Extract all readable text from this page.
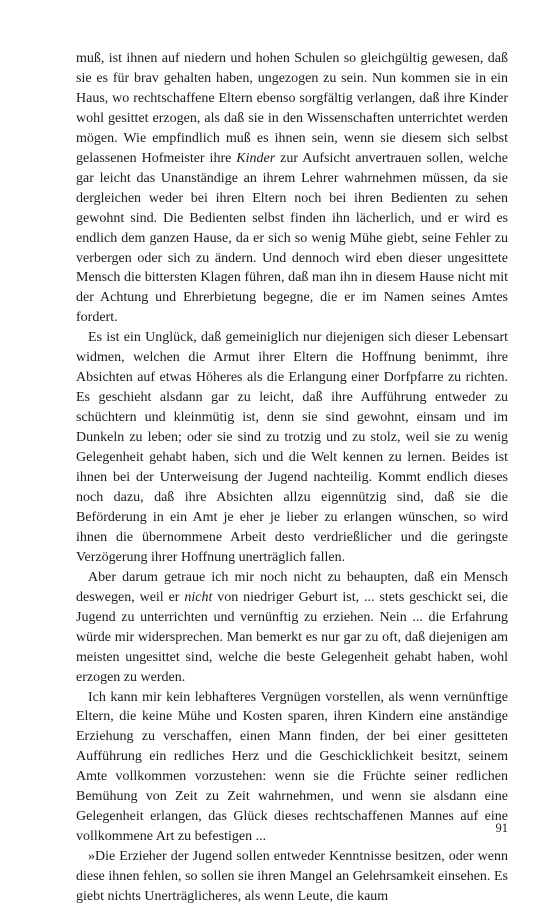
muß, ist ihnen auf niedern und hohen Schulen so gleichgültig gewesen, daß sie es für brav gehalten haben, ungezogen zu sein. Nun kommen sie in ein Haus, wo rechtschaffene Eltern ebenso sorgfältig verlangen, daß ihre Kinder wohl gesittet erzogen, als daß sie in den Wissenschaften unterrichtet werden mögen. Wie empfindlich muß es ihnen sein, wenn sie diesem sich selbst gelassenen Hofmeister ihre Kinder zur Aufsicht anvertrauen sollen, welche gar leicht das Unanständige an ihrem Lehrer wahrnehmen müssen, da sie dergleichen weder bei ihren Eltern noch bei ihren Bedienten zu sehen gewohnt sind. Die Bedienten selbst finden ihn lächerlich, und er wird es endlich dem ganzen Hause, da er sich so wenig Mühe giebt, seine Fehler zu verbergen oder sich zu ändern. Und dennoch wird eben dieser ungesittete Mensch die bittersten Klagen führen, daß man ihn in diesem Hause nicht mit der Achtung und Ehrerbietung begegne, die er im Namen seines Amtes fordert.

Es ist ein Unglück, daß gemeiniglich nur diejenigen sich dieser Lebensart widmen, welchen die Armut ihrer Eltern die Hoffnung benimmt, ihre Absichten auf etwas Höheres als die Erlangung einer Dorfpfarre zu richten. Es geschieht alsdann gar zu leicht, daß ihre Aufführung entweder zu schüchtern und kleinmütig ist, denn sie sind gewohnt, einsam und im Dunkeln zu leben; oder sie sind zu trotzig und zu stolz, weil sie zu wenig Gelegenheit gehabt haben, sich und die Welt kennen zu lernen. Beides ist ihnen bei der Unterweisung der Jugend nachteilig. Kommt endlich dieses noch dazu, daß ihre Absichten allzu eigennützig sind, daß sie die Beförderung in ein Amt je eher je lieber zu erlangen wünschen, so wird ihnen die übernommene Arbeit desto verdrießlicher und die geringste Verzögerung ihrer Hoffnung unerträglich fallen.

Aber darum getraue ich mir noch nicht zu behaupten, daß ein Mensch deswegen, weil er nicht von niedriger Geburt ist, ... stets geschickt sei, die Jugend zu unterrichten und vernünftig zu erziehen. Nein ... die Erfahrung würde mir widersprechen. Man bemerkt es nur gar zu oft, daß diejenigen am meisten ungesittet sind, welche die beste Gelegenheit gehabt haben, wohl erzogen zu werden.

Ich kann mir kein lebhafteres Vergnügen vorstellen, als wenn vernünftige Eltern, die keine Mühe und Kosten sparen, ihren Kindern eine anständige Erziehung zu verschaffen, einen Mann finden, der bei einer gesitteten Aufführung ein redliches Herz und die Geschicklichkeit besitzt, seinem Amte vollkommen vorzustehen: wenn sie die Früchte seiner redlichen Bemühung von Zeit zu Zeit wahrnehmen, und wenn sie alsdann eine Gelegenheit erlangen, das Glück dieses rechtschaffenen Mannes auf eine vollkommene Art zu befestigen ...

»Die Erzieher der Jugend sollen entweder Kenntnisse besitzen, oder wenn diese ihnen fehlen, so sollen sie ihren Mangel an Gelehrsamkeit einsehen. Es giebt nichts Unerträglicheres, als wenn Leute, die kaum

91
